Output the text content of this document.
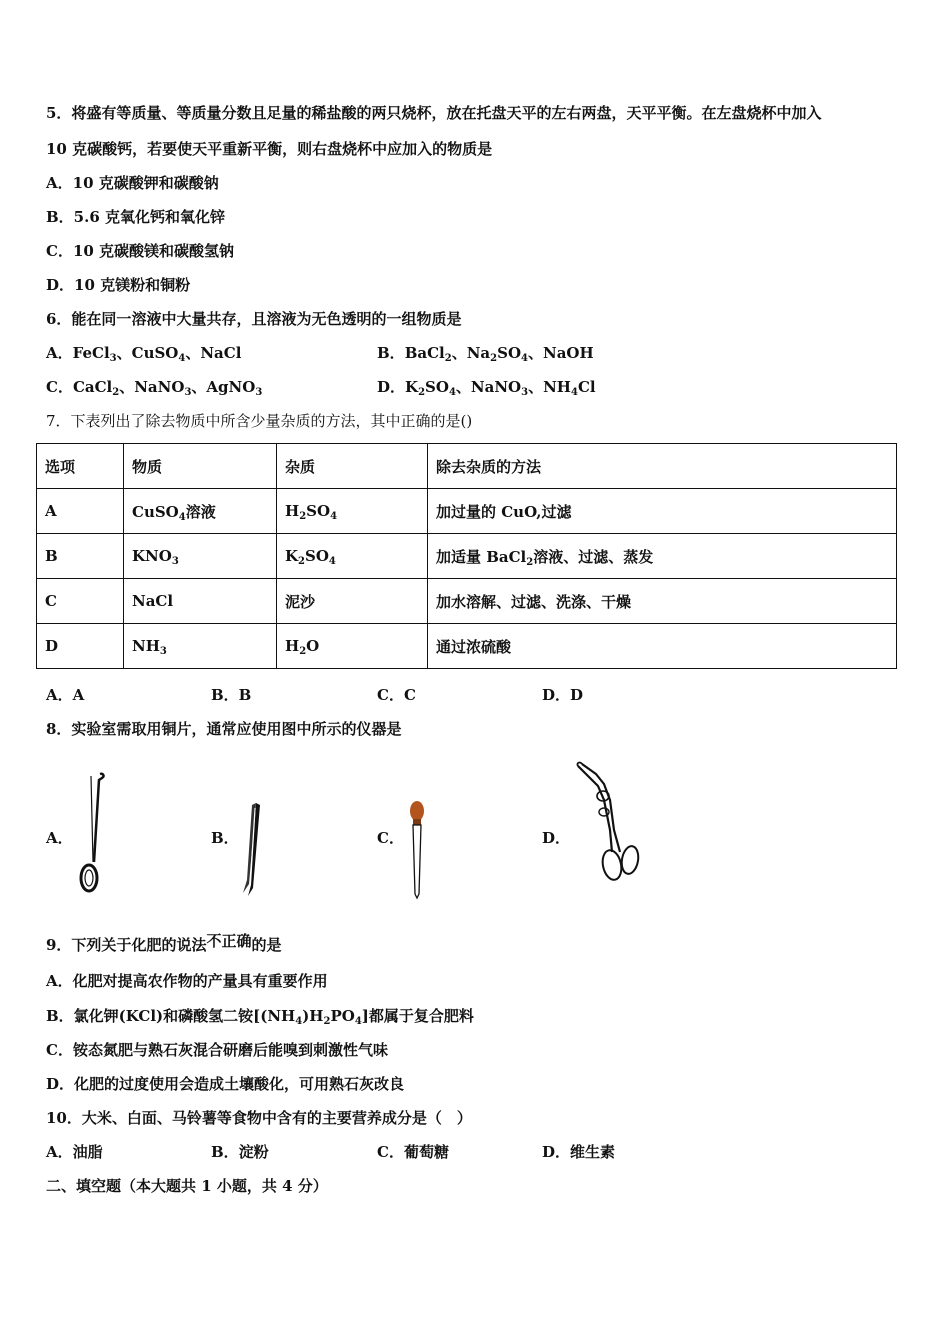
5．将盛有等质量、等质量分数且足量的稀盐酸的两只烧杯，放在托盘天平的左右两盘，天平平衡。在左盘烧杯中加入
10 克碳酸钙，若要使天平重新平衡，则右盘烧杯中应加入的物质是
A．10 克碳酸钾和碳酸钠
B．5.6 克氧化钙和氧化锌
C．10 克碳酸镁和碳酸氢钠
D．10 克镁粉和铜粉
6．能在同一溶液中大量共存，且溶液为无色透明的一组物质是
A．FeCl$_3$、CuSO$_4$、NaCl	B．BaCl$_2$、$Na_2SO_4$、NaOH
C．CaCl$_2$、NaNO$_3$、AgNO$_3$	D．$K_2SO_4$、NaNO$_3$、$NH_4Cl$
7．下表列出了除去物质中所含少量杂质的方法，其中正确的是()
选项	物质	杂质	除去杂质的方法
A	CuSO$_4$溶液	$H_2SO_4$	加过量的 CuO,过滤
B	$KNO_3$	$K_2SO_4$	加适量 BaCl$_2$溶液、过滤、蒸发
C	NaCl	泥沙	加水溶解、过滤、洗涤、干燥
D	$NH_3$	$H_2O$	通过浓硫酸
A．A	B．B	C．C	D．D
8．实验室需取用铜片，通常应使用图中所示的仪器是
A．	B．	C．	D．
9．下列关于化肥的说法不正确的是
A．化肥对提高农作物的产量具有重要作用
B．氯化钾(KCl)和磷酸氢二铵$[(NH_4)H_2PO_4]$都属于复合肥料
C．铵态氮肥与熟石灰混合研磨后能嗅到刺激性气味
D．化肥的过度使用会造成土壤酸化，可用熟石灰改良
10．大米、白面、马铃薯等食物中含有的主要营养成分是（　）
A．油脂	B．淀粉	C．葡萄糖	D．维生素
二、填空题（本大题共 1 小题，共 4 分）
